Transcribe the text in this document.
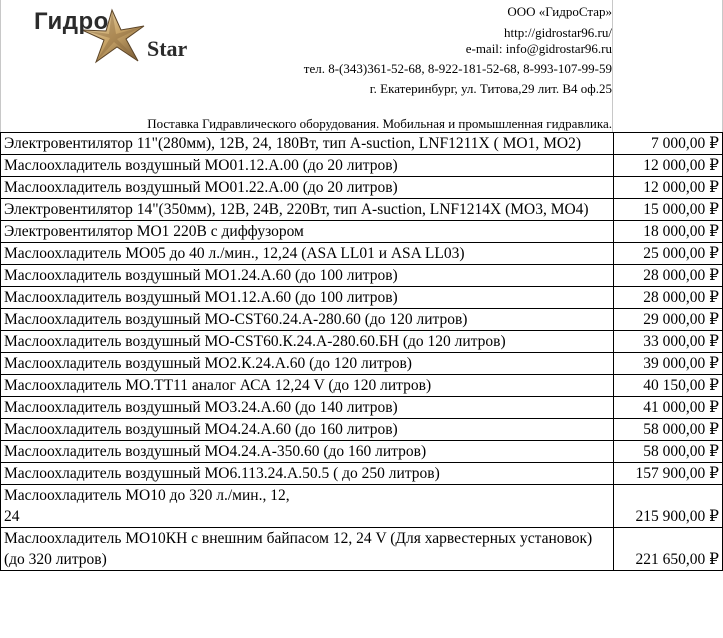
Гидро
Star
ООО «ГидроСтар»
http://gidrostar96.ru/
e-mail: info@gidrostar96.ru
тел. 8-(343)361-52-68, 8-922-181-52-68, 8-993-107-99-59
г. Екатеринбург, ул. Титова,29 лит. В4 оф.25
Поставка Гидравлического оборудования. Мобильная и промышленная гидравлика.
Электровентилятор 11"(280мм), 12В, 24, 180Вт, тип А-suction, LNF1211X ( МО1, МО2)	7 000,00 ₽
Маслоохладитель воздушный МО01.12.А.00 (до 20 литров)	12 000,00 ₽
Маслоохладитель воздушный МО01.22.А.00 (до 20 литров)	12 000,00 ₽
Электровентилятор 14"(350мм), 12В, 24В, 220Вт, тип А-suction, LNF1214X (МО3, МО4)	15 000,00 ₽
Электровентилятор МО1 220В с диффузором	18 000,00 ₽
Маслоохладитель МО05 до 40 л./мин., 12,24 (ASA LL01 и ASA LL03)	25 000,00 ₽
Маслоохладитель воздушный МО1.24.А.60 (до 100 литров)	28 000,00 ₽
Маслоохладитель воздушный МО1.12.А.60 (до 100 литров)	28 000,00 ₽
Маслоохладитель воздушный МО-CST60.24.А-280.60 (до 120 литров)	29 000,00 ₽
Маслоохладитель воздушный МО-CST60.К.24.А-280.60.БН (до 120 литров)	33 000,00 ₽
Маслоохладитель воздушный МО2.К.24.А.60 (до 120 литров)	39 000,00 ₽
Маслоохладитель МО.ТТ11 аналог АСА 12,24 V (до 120 литров)	40 150,00 ₽
Маслоохладитель воздушный МО3.24.А.60 (до 140 литров)	41 000,00 ₽
Маслоохладитель воздушный МО4.24.А.60 (до 160 литров)	58 000,00 ₽
Маслоохладитель воздушный МО4.24.А-350.60 (до 160 литров)	58 000,00 ₽
Маслоохладитель воздушный МО6.113.24.А.50.5 ( до 250 литров)	157 900,00 ₽
Маслоохладитель МО10 до 320 л./мин., 12,
24	215 900,00 ₽
Маслоохладитель МО10КН с внешним байпасом 12, 24 V (Для харвестерных установок) (до 320 литров)	221 650,00 ₽
